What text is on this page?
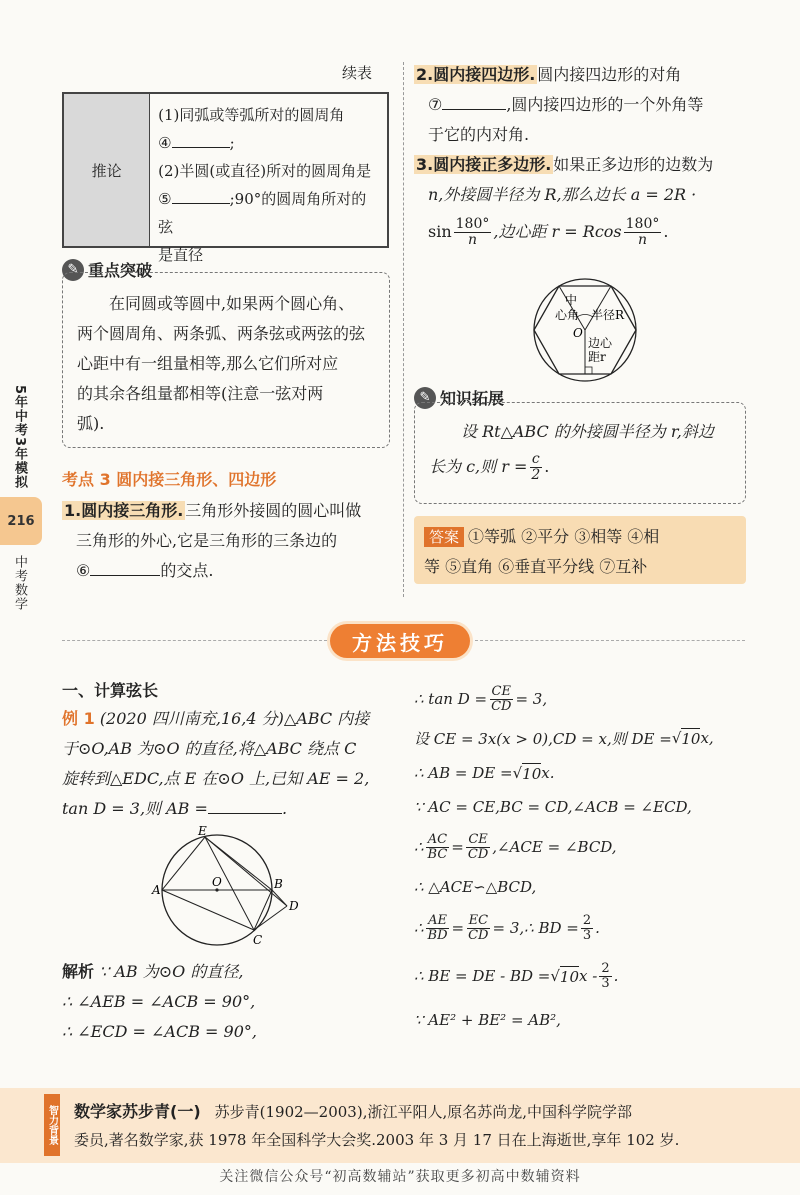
续表
5年中考3年模拟
216
中考数学
推论
(1)同弧或等弧所对的圆周角
④	;
(2)半圆(或直径)所对的圆周角是
⑤	;90°的圆周角所对的弦
是直径
✎ 重点突破
在同圆或等圆中,如果两个圆心角、
两个圆周角、两条弧、两条弦或两弦的弦
心距中有一组量相等,那么它们所对应
的其余各组量都相等(注意一弦对两
弧).
考点 3 圆内接三角形、四边形
1.圆内接三角形. 三角形外接圆的圆心叫做
三角形的外心,它是三角形的三条边的
⑥	的交点.
2.圆内接四边形. 圆内接四边形的对角
⑦	,圆内接四边形的一个外角等
于它的内对角.
3.圆内接正多边形. 如果正多边形的边数为
n,外接圆半径为 R,那么边长 a = 2R ·
$\sin \frac{180^\circ}{n}$ ,边心距 r = Rcos $\frac{180^\circ}{n}$ .
中
心角 半径R
O
边心
距r
✎ 知识拓展
设 Rt△ABC 的外接圆半径为 r,斜边
长为 c,则 $r = \frac{c}{2}$ .
答案 ①等弧 ②平分 ③相等 ④相
等 ⑤直角 ⑥垂直平分线 ⑦互补
方法技巧
一、计算弦长
例 1 (2020 四川南充,16,4 分)△ABC 内接
于⊙O,AB 为⊙O 的直径,将△ABC 绕点 C
旋转到△EDC,点 E 在⊙O 上,已知 AE = 2,
tan D = 3,则 AB =	.
E
A
O	B
D
C
解析 ∵ AB 为⊙O 的直径,
∴ ∠AEB = ∠ACB = 90°,
∴ ∠ECD = ∠ACB = 90°,
∴ $\tan D = \frac{CE}{CD} = 3$,
设 CE = 3x(x > 0),CD = x,则 DE = √ 10 x,
∴ AB = DE = √ 10 x.
∵ AC = CE,BC = CD,∠ACB = ∠ECD,
∴ $\frac{AC}{BC} = \frac{CE}{CD}$ ,∠ACE = ∠BCD,
∴ △ACE∽△BCD,
∴ $\frac{AE}{BD} = \frac{EC}{CD}$ = 3,∴ BD = $\frac{2}{3}$ .
∴ BE = DE - BD = √ 10 x - $\frac{2}{3}$ .
∵ AE² + BE² = AB²,
智力背景 数学家苏步青(一) 苏步青(1902—2003),浙江平阳人,原名苏尚龙,中国科学院学部
委员,著名数学家,获 1978 年全国科学大会奖.2003 年 3 月 17 日在上海逝世,享年 102 岁.
关注微信公众号“初高数辅站”获取更多初高中数辅资料
